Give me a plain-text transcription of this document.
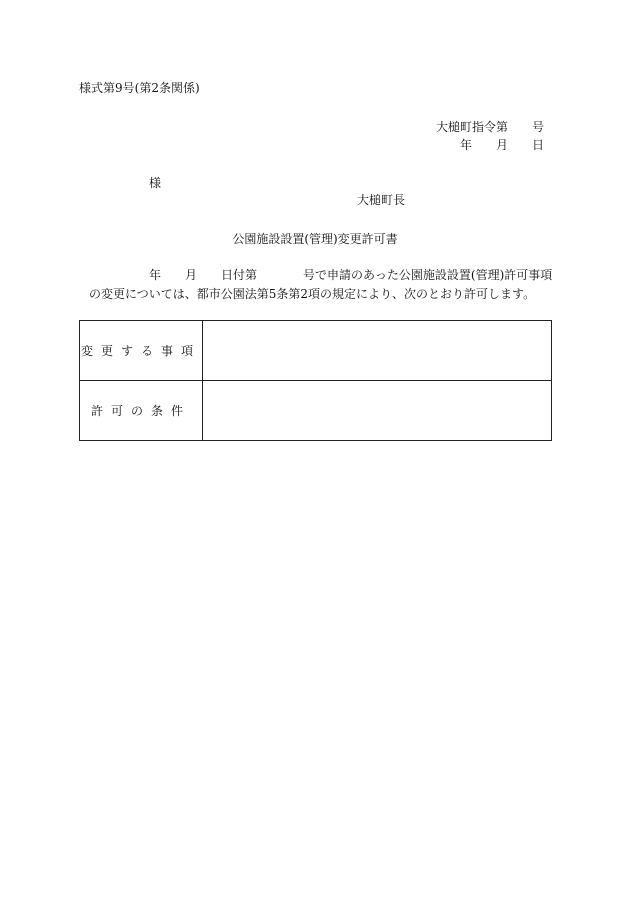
様式第9号(第2条関係)
大槌町指令第 号
年 月 日
様
大槌町長
公園施設設置(管理)変更許可書
年 月 日付第	号で申請のあった公園施設設置(管理)許可事項
の変更については、都市公園法第5条第2項の規定により、次のとおり許可します。
変更する事項	
許可の条件	
